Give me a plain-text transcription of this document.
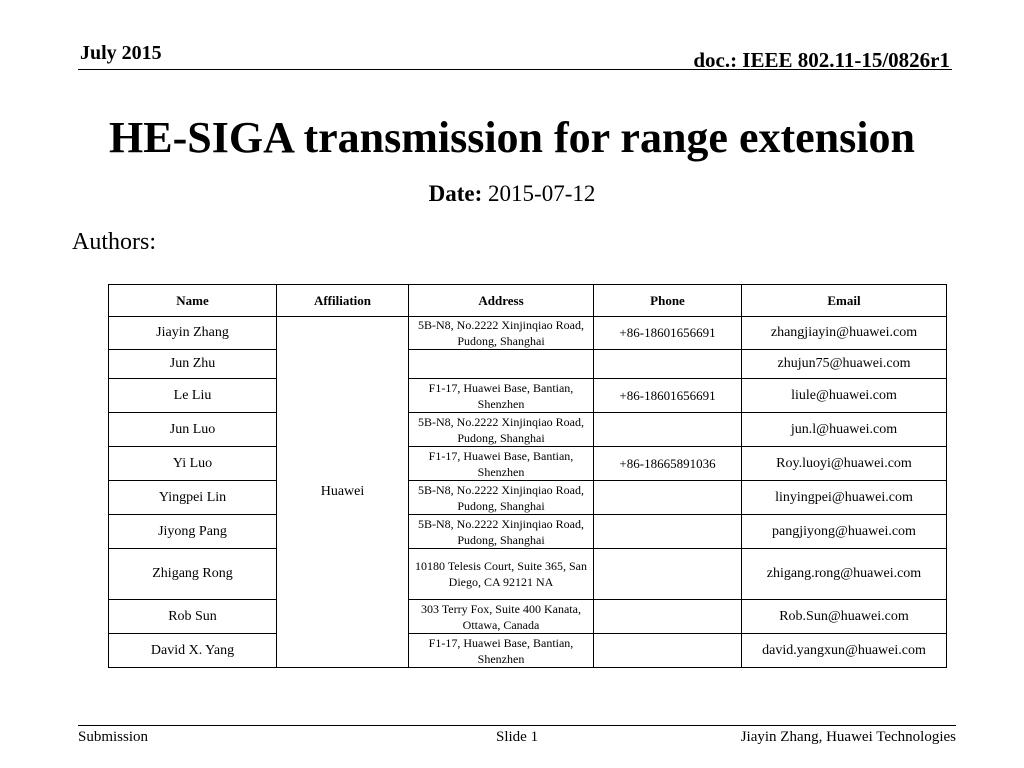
July 2015	doc.: IEEE 802.11-15/0826r1
HE-SIGA transmission for range extension
Date: 2015-07-12
Authors:
Name	Affiliation	Address	Phone	Email
Jiayin Zhang	Huawei	5B-N8, No.2222 Xinjinqiao Road, Pudong, Shanghai	+86-18601656691	zhangjiayin@huawei.com
Jun Zhu				zhujun75@huawei.com
Le Liu		F1-17, Huawei Base, Bantian, Shenzhen	+86-18601656691	liule@huawei.com
Jun Luo		5B-N8, No.2222 Xinjinqiao Road, Pudong, Shanghai		jun.l@huawei.com
Yi Luo		F1-17, Huawei Base, Bantian, Shenzhen	+86-18665891036	Roy.luoyi@huawei.com
Yingpei Lin		5B-N8, No.2222 Xinjinqiao Road, Pudong, Shanghai		linyingpei@huawei.com
Jiyong Pang		5B-N8, No.2222 Xinjinqiao Road, Pudong, Shanghai		pangjiyong@huawei.com
Zhigang Rong		10180 Telesis Court, Suite 365, San Diego, CA 92121 NA		zhigang.rong@huawei.com
Rob Sun		303 Terry Fox, Suite 400 Kanata, Ottawa, Canada		Rob.Sun@huawei.com
David X. Yang		F1-17, Huawei Base, Bantian, Shenzhen		david.yangxun@huawei.com
Submission	Slide 1	Jiayin Zhang, Huawei Technologies
